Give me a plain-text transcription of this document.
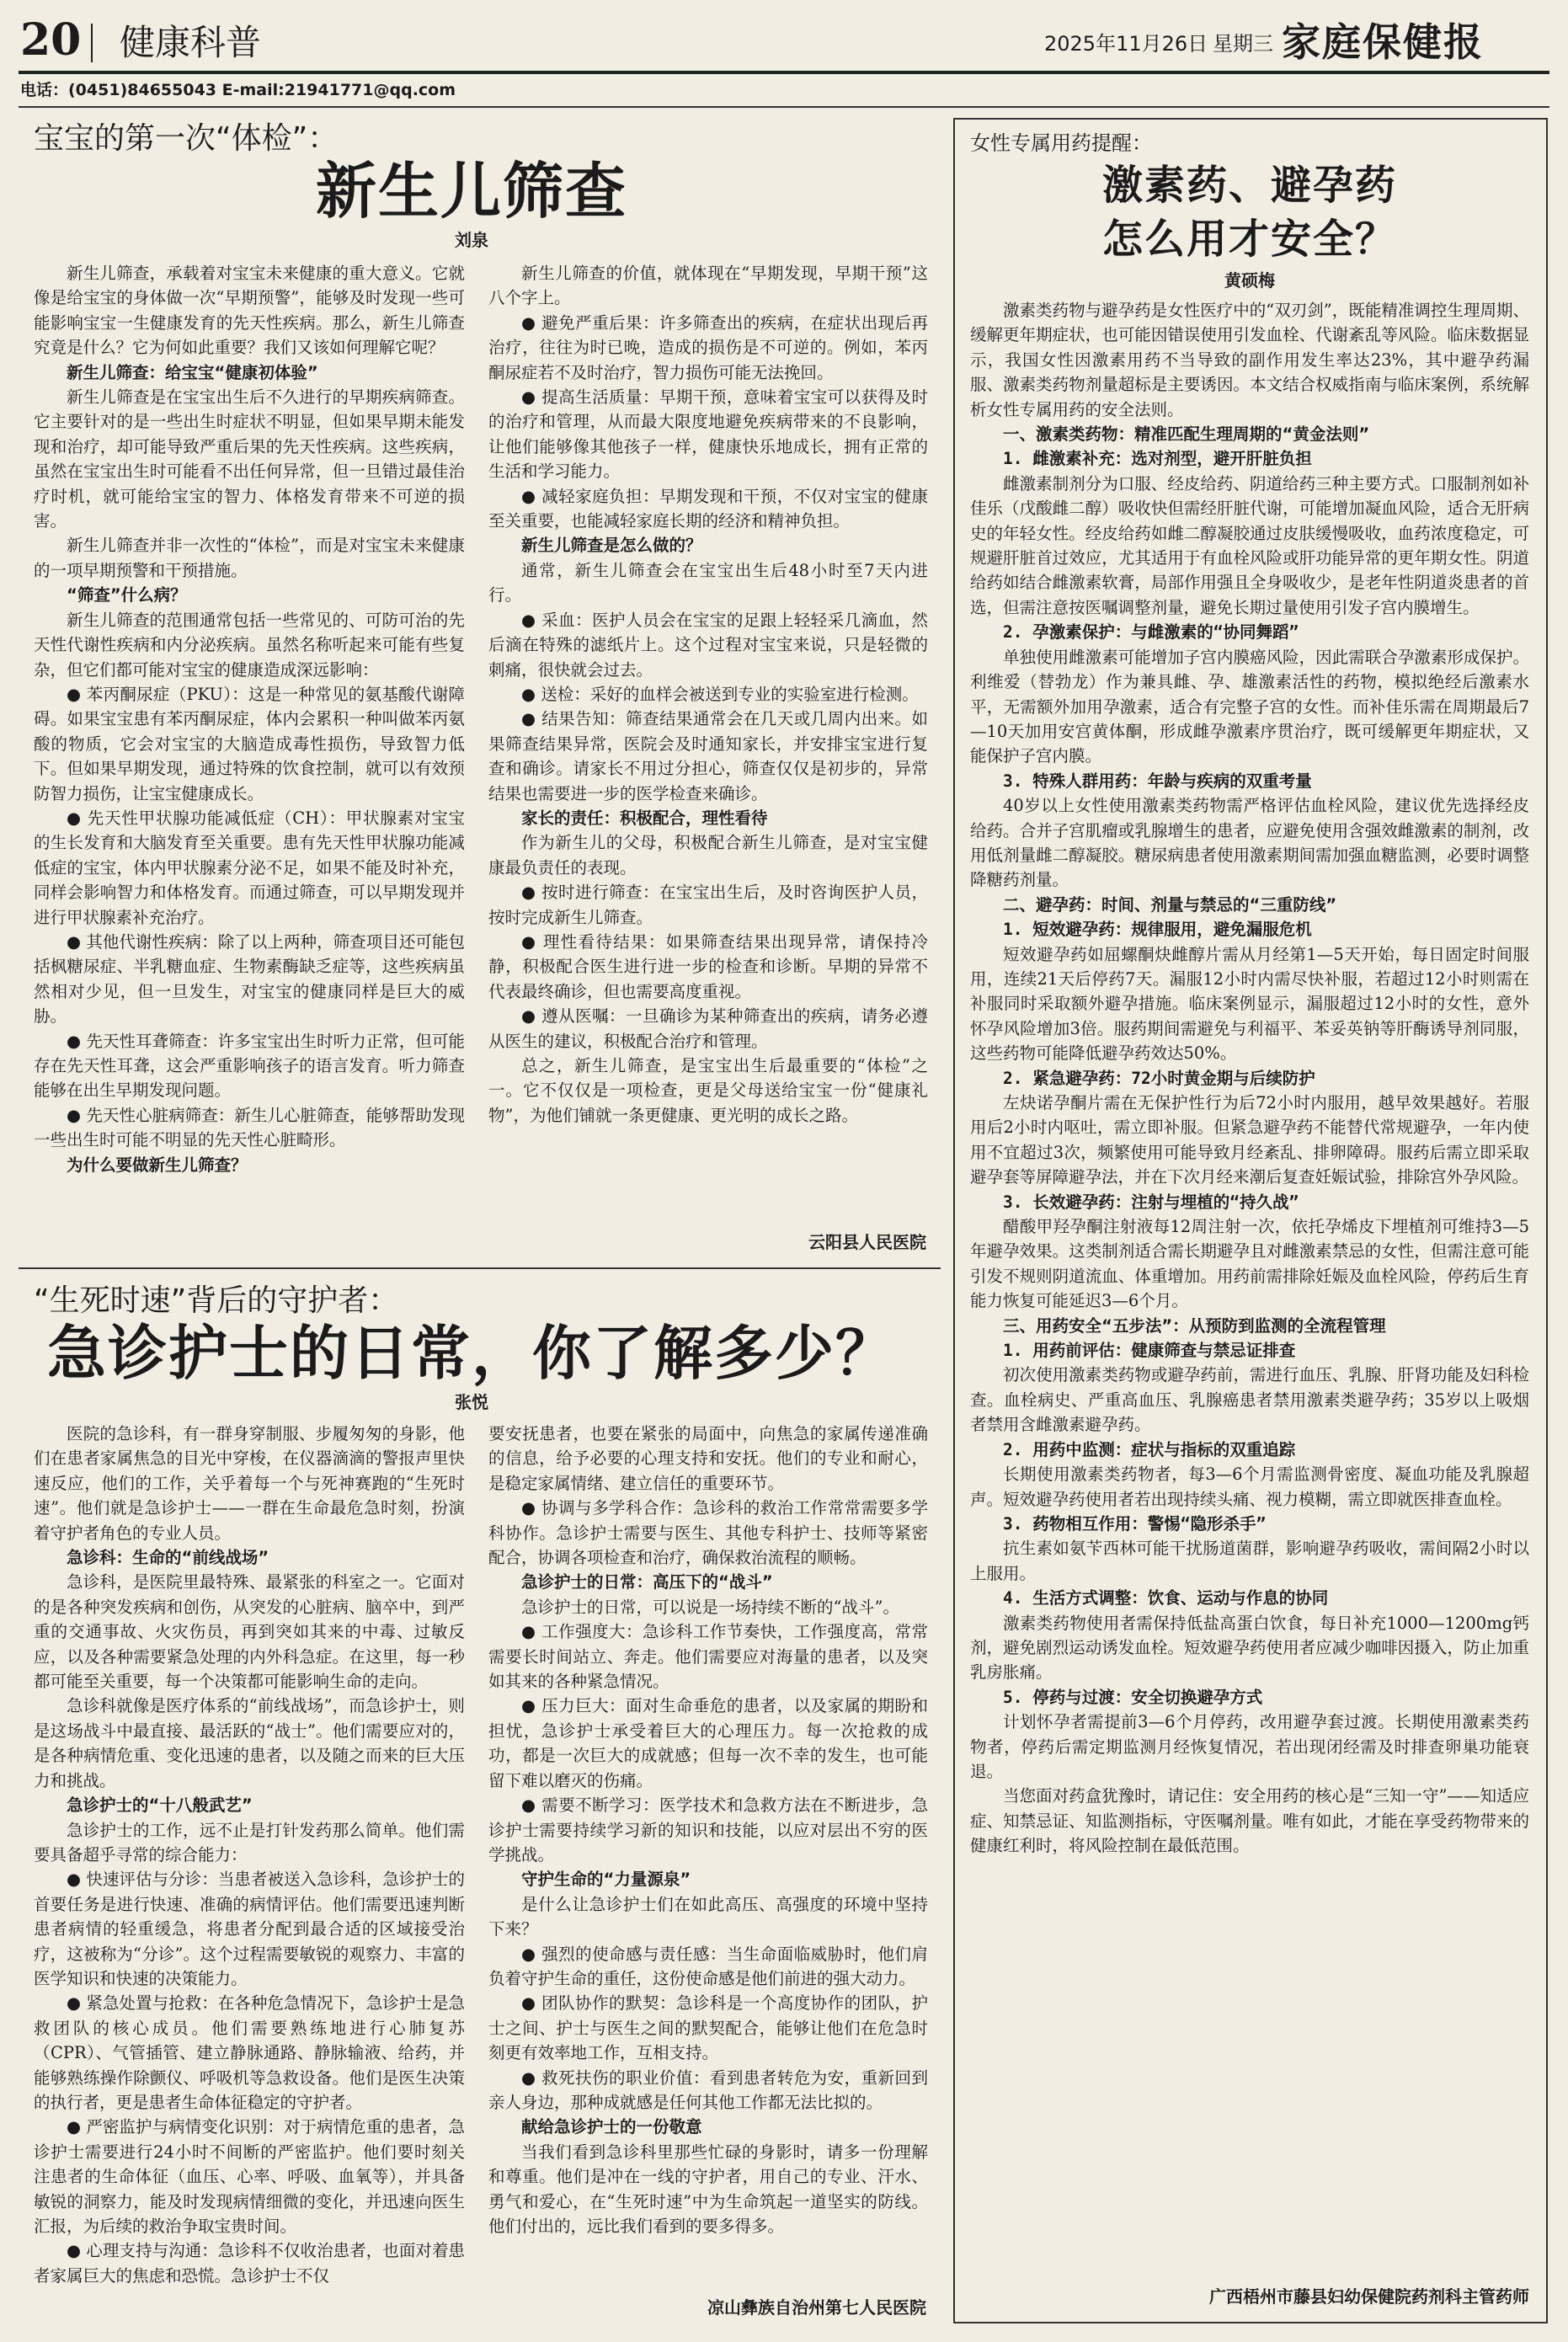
20 健康科普	2025年11月26日 星期三 家庭保健报
电话：(0451)84655043 E-mail:21941771@qq.com
宝宝的第一次“体检”：
新生儿筛查
刘泉

新生儿筛查，承载着对宝宝未来健康的重大意义。它就像是给宝宝的身体做一次“早期预警”，能够及时发现一些可能影响宝宝一生健康发育的先天性疾病。那么，新生儿筛查究竟是什么？它为何如此重要？我们又该如何理解它呢？

新生儿筛查：给宝宝“健康初体验”

新生儿筛查是在宝宝出生后不久进行的早期疾病筛查。它主要针对的是一些出生时症状不明显，但如果早期未能发现和治疗，却可能导致严重后果的先天性疾病。这些疾病，虽然在宝宝出生时可能看不出任何异常，但一旦错过最佳治疗时机，就可能给宝宝的智力、体格发育带来不可逆的损害。

新生儿筛查并非一次性的“体检”，而是对宝宝未来健康的一项早期预警和干预措施。

“筛查”什么病？

新生儿筛查的范围通常包括一些常见的、可防可治的先天性代谢性疾病和内分泌疾病。虽然名称听起来可能有些复杂，但它们都可能对宝宝的健康造成深远影响：

● 苯丙酮尿症（PKU）：这是一种常见的氨基酸代谢障碍。如果宝宝患有苯丙酮尿症，体内会累积一种叫做苯丙氨酸的物质，它会对宝宝的大脑造成毒性损伤，导致智力低下。但如果早期发现，通过特殊的饮食控制，就可以有效预防智力损伤，让宝宝健康成长。

● 先天性甲状腺功能减低症（CH）：甲状腺素对宝宝的生长发育和大脑发育至关重要。患有先天性甲状腺功能减低症的宝宝，体内甲状腺素分泌不足，如果不能及时补充，同样会影响智力和体格发育。而通过筛查，可以早期发现并进行甲状腺素补充治疗。

● 其他代谢性疾病：除了以上两种，筛查项目还可能包括枫糖尿症、半乳糖血症、生物素酶缺乏症等，这些疾病虽然相对少见，但一旦发生，对宝宝的健康同样是巨大的威胁。

● 先天性耳聋筛查：许多宝宝出生时听力正常，但可能存在先天性耳聋，这会严重影响孩子的语言发育。听力筛查能够在出生早期发现问题。

● 先天性心脏病筛查：新生儿心脏筛查，能够帮助发现一些出生时可能不明显的先天性心脏畸形。

为什么要做新生儿筛查？

新生儿筛查的价值，就体现在“早期发现，早期干预”这八个字上。

● 避免严重后果：许多筛查出的疾病，在症状出现后再治疗，往往为时已晚，造成的损伤是不可逆的。例如，苯丙酮尿症若不及时治疗，智力损伤可能无法挽回。

● 提高生活质量：早期干预，意味着宝宝可以获得及时的治疗和管理，从而最大限度地避免疾病带来的不良影响，让他们能够像其他孩子一样，健康快乐地成长，拥有正常的生活和学习能力。

● 减轻家庭负担：早期发现和干预，不仅对宝宝的健康至关重要，也能减轻家庭长期的经济和精神负担。

新生儿筛查是怎么做的？

通常，新生儿筛查会在宝宝出生后48小时至7天内进行。

● 采血：医护人员会在宝宝的足跟上轻轻采几滴血，然后滴在特殊的滤纸片上。这个过程对宝宝来说，只是轻微的刺痛，很快就会过去。

● 送检：采好的血样会被送到专业的实验室进行检测。

● 结果告知：筛查结果通常会在几天或几周内出来。如果筛查结果异常，医院会及时通知家长，并安排宝宝进行复查和确诊。请家长不用过分担心，筛查仅仅是初步的，异常结果也需要进一步的医学检查来确诊。

家长的责任：积极配合，理性看待

作为新生儿的父母，积极配合新生儿筛查，是对宝宝健康最负责任的表现。

● 按时进行筛查：在宝宝出生后，及时咨询医护人员，按时完成新生儿筛查。

● 理性看待结果：如果筛查结果出现异常，请保持冷静，积极配合医生进行进一步的检查和诊断。早期的异常不代表最终确诊，但也需要高度重视。

● 遵从医嘱：一旦确诊为某种筛查出的疾病，请务必遵从医生的建议，积极配合治疗和管理。

总之，新生儿筛查，是宝宝出生后最重要的“体检”之一。它不仅仅是一项检查，更是父母送给宝宝一份“健康礼物”，为他们铺就一条更健康、更光明的成长之路。

云阳县人民医院
“生死时速”背后的守护者：
急诊护士的日常，你了解多少？
张悦

医院的急诊科，有一群身穿制服、步履匆匆的身影，他们在患者家属焦急的目光中穿梭，在仪器滴滴的警报声里快速反应，他们的工作，关乎着每一个与死神赛跑的“生死时速”。他们就是急诊护士——一群在生命最危急时刻，扮演着守护者角色的专业人员。

急诊科：生命的“前线战场”

急诊科，是医院里最特殊、最紧张的科室之一。它面对的是各种突发疾病和创伤，从突发的心脏病、脑卒中，到严重的交通事故、火灾伤员，再到突如其来的中毒、过敏反应，以及各种需要紧急处理的内外科急症。在这里，每一秒都可能至关重要，每一个决策都可能影响生命的走向。

急诊科就像是医疗体系的“前线战场”，而急诊护士，则是这场战斗中最直接、最活跃的“战士”。他们需要应对的，是各种病情危重、变化迅速的患者，以及随之而来的巨大压力和挑战。

急诊护士的“十八般武艺”

急诊护士的工作，远不止是打针发药那么简单。他们需要具备超乎寻常的综合能力：

● 快速评估与分诊：当患者被送入急诊科，急诊护士的首要任务是进行快速、准确的病情评估。他们需要迅速判断患者病情的轻重缓急，将患者分配到最合适的区域接受治疗，这被称为“分诊”。这个过程需要敏锐的观察力、丰富的医学知识和快速的决策能力。

● 紧急处置与抢救：在各种危急情况下，急诊护士是急救团队的核心成员。他们需要熟练地进行心肺复苏（CPR）、气管插管、建立静脉通路、静脉输液、给药，并能够熟练操作除颤仪、呼吸机等急救设备。他们是医生决策的执行者，更是患者生命体征稳定的守护者。

● 严密监护与病情变化识别：对于病情危重的患者，急诊护士需要进行24小时不间断的严密监护。他们要时刻关注患者的生命体征（血压、心率、呼吸、血氧等），并具备敏锐的洞察力，能及时发现病情细微的变化，并迅速向医生汇报，为后续的救治争取宝贵时间。

● 心理支持与沟通：急诊科不仅收治患者，也面对着患者家属巨大的焦虑和恐慌。急诊护士不仅

要安抚患者，也要在紧张的局面中，向焦急的家属传递准确的信息，给予必要的心理支持和安抚。他们的专业和耐心，是稳定家属情绪、建立信任的重要环节。

● 协调与多学科合作：急诊科的救治工作常常需要多学科协作。急诊护士需要与医生、其他专科护士、技师等紧密配合，协调各项检查和治疗，确保救治流程的顺畅。

急诊护士的日常：高压下的“战斗”

急诊护士的日常，可以说是一场持续不断的“战斗”。

● 工作强度大：急诊科工作节奏快，工作强度高，常常需要长时间站立、奔走。他们需要应对海量的患者，以及突如其来的各种紧急情况。

● 压力巨大：面对生命垂危的患者，以及家属的期盼和担忧，急诊护士承受着巨大的心理压力。每一次抢救的成功，都是一次巨大的成就感；但每一次不幸的发生，也可能留下难以磨灭的伤痛。

● 需要不断学习：医学技术和急救方法在不断进步，急诊护士需要持续学习新的知识和技能，以应对层出不穷的医学挑战。

守护生命的“力量源泉”

是什么让急诊护士们在如此高压、高强度的环境中坚持下来？

● 强烈的使命感与责任感：当生命面临威胁时，他们肩负着守护生命的重任，这份使命感是他们前进的强大动力。

● 团队协作的默契：急诊科是一个高度协作的团队，护士之间、护士与医生之间的默契配合，能够让他们在危急时刻更有效率地工作，互相支持。

● 救死扶伤的职业价值：看到患者转危为安，重新回到亲人身边，那种成就感是任何其他工作都无法比拟的。

献给急诊护士的一份敬意

当我们看到急诊科里那些忙碌的身影时，请多一份理解和尊重。他们是冲在一线的守护者，用自己的专业、汗水、勇气和爱心，在“生死时速”中为生命筑起一道坚实的防线。他们付出的，远比我们看到的要多得多。

凉山彝族自治州第七人民医院
女性专属用药提醒：
激素药、避孕药
怎么用才安全？
黄硕梅

激素类药物与避孕药是女性医疗中的“双刃剑”，既能精准调控生理周期、缓解更年期症状，也可能因错误使用引发血栓、代谢紊乱等风险。临床数据显示，我国女性因激素用药不当导致的副作用发生率达23%，其中避孕药漏服、激素类药物剂量超标是主要诱因。本文结合权威指南与临床案例，系统解析女性专属用药的安全法则。

一、激素类药物：精准匹配生理周期的“黄金法则”

1. 雌激素补充：选对剂型，避开肝脏负担

雌激素制剂分为口服、经皮给药、阴道给药三种主要方式。口服制剂如补佳乐（戊酸雌二醇）吸收快但需经肝脏代谢，可能增加凝血风险，适合无肝病史的年轻女性。经皮给药如雌二醇凝胶通过皮肤缓慢吸收，血药浓度稳定，可规避肝脏首过效应，尤其适用于有血栓风险或肝功能异常的更年期女性。阴道给药如结合雌激素软膏，局部作用强且全身吸收少，是老年性阴道炎患者的首选，但需注意按医嘱调整剂量，避免长期过量使用引发子宫内膜增生。

2. 孕激素保护：与雌激素的“协同舞蹈”

单独使用雌激素可能增加子宫内膜癌风险，因此需联合孕激素形成保护。利维爱（替勃龙）作为兼具雌、孕、雄激素活性的药物，模拟绝经后激素水平，无需额外加用孕激素，适合有完整子宫的女性。而补佳乐需在周期最后7—10天加用安宫黄体酮，形成雌孕激素序贯治疗，既可缓解更年期症状，又能保护子宫内膜。

3. 特殊人群用药：年龄与疾病的双重考量

40岁以上女性使用激素类药物需严格评估血栓风险，建议优先选择经皮给药。合并子宫肌瘤或乳腺增生的患者，应避免使用含强效雌激素的制剂，改用低剂量雌二醇凝胶。糖尿病患者使用激素期间需加强血糖监测，必要时调整降糖药剂量。

二、避孕药：时间、剂量与禁忌的“三重防线”

1. 短效避孕药：规律服用，避免漏服危机

短效避孕药如屈螺酮炔雌醇片需从月经第1—5天开始，每日固定时间服用，连续21天后停药7天。漏服12小时内需尽快补服，若超过12小时则需在补服同时采取额外避孕措施。临床案例显示，漏服超过12小时的女性，意外怀孕风险增加3倍。服药期间需避免与利福平、苯妥英钠等肝酶诱导剂同服，这些药物可能降低避孕药效达50%。

2. 紧急避孕药：72小时黄金期与后续防护

左炔诺孕酮片需在无保护性行为后72小时内服用，越早效果越好。若服用后2小时内呕吐，需立即补服。但紧急避孕药不能替代常规避孕，一年内使用不宜超过3次，频繁使用可能导致月经紊乱、排卵障碍。服药后需立即采取避孕套等屏障避孕法，并在下次月经来潮后复查妊娠试验，排除宫外孕风险。

3. 长效避孕药：注射与埋植的“持久战”

醋酸甲羟孕酮注射液每12周注射一次，依托孕烯皮下埋植剂可维持3—5年避孕效果。这类制剂适合需长期避孕且对雌激素禁忌的女性，但需注意可能引发不规则阴道流血、体重增加。用药前需排除妊娠及血栓风险，停药后生育能力恢复可能延迟3—6个月。

三、用药安全“五步法”：从预防到监测的全流程管理

1. 用药前评估：健康筛查与禁忌证排查

初次使用激素类药物或避孕药前，需进行血压、乳腺、肝肾功能及妇科检查。血栓病史、严重高血压、乳腺癌患者禁用激素类避孕药；35岁以上吸烟者禁用含雌激素避孕药。

2. 用药中监测：症状与指标的双重追踪

长期使用激素类药物者，每3—6个月需监测骨密度、凝血功能及乳腺超声。短效避孕药使用者若出现持续头痛、视力模糊，需立即就医排查血栓。

3. 药物相互作用：警惕“隐形杀手”

抗生素如氨苄西林可能干扰肠道菌群，影响避孕药吸收，需间隔2小时以上服用。

4. 生活方式调整：饮食、运动与作息的协同

激素类药物使用者需保持低盐高蛋白饮食，每日补充1000—1200mg钙剂，避免剧烈运动诱发血栓。短效避孕药使用者应减少咖啡因摄入，防止加重乳房胀痛。

5. 停药与过渡：安全切换避孕方式

计划怀孕者需提前3—6个月停药，改用避孕套过渡。长期使用激素类药物者，停药后需定期监测月经恢复情况，若出现闭经需及时排查卵巢功能衰退。

当您面对药盒犹豫时，请记住：安全用药的核心是“三知一守”——知适应症、知禁忌证、知监测指标，守医嘱剂量。唯有如此，才能在享受药物带来的健康红利时，将风险控制在最低范围。

广西梧州市藤县妇幼保健院药剂科主管药师
